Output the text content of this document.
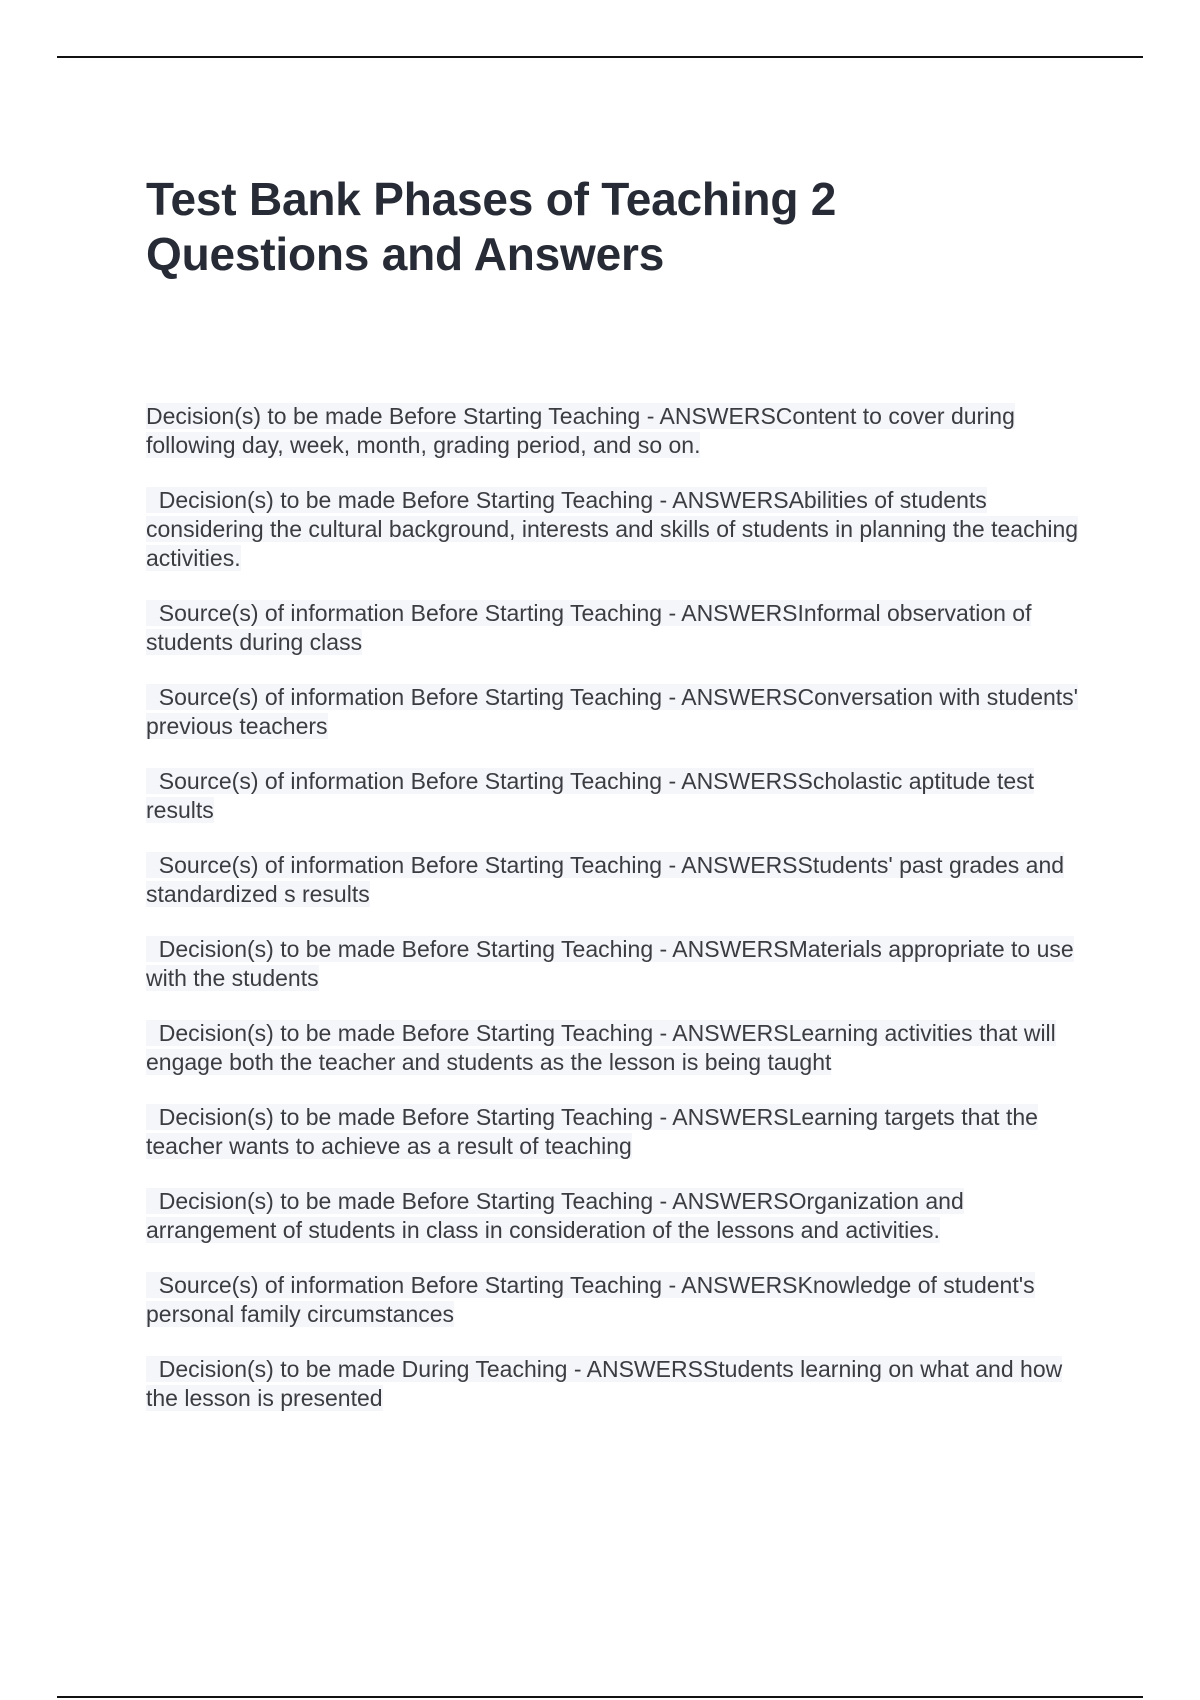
Test Bank Phases of Teaching 2
Questions and Answers

Decision(s) to be made Before Starting Teaching - ANSWERSContent to cover during following day, week, month, grading period, and so on.

Decision(s) to be made Before Starting Teaching - ANSWERSAbilities of students considering the cultural background, interests and skills of students in planning the teaching activities.

Source(s) of information Before Starting Teaching - ANSWERSInformal observation of students during class

Source(s) of information Before Starting Teaching - ANSWERSConversation with students' previous teachers

Source(s) of information Before Starting Teaching - ANSWERSScholastic aptitude test results

Source(s) of information Before Starting Teaching - ANSWERSStudents' past grades and standardized s results

Decision(s) to be made Before Starting Teaching - ANSWERSMaterials appropriate to use with the students

Decision(s) to be made Before Starting Teaching - ANSWERSLearning activities that will engage both the teacher and students as the lesson is being taught

Decision(s) to be made Before Starting Teaching - ANSWERSLearning targets that the teacher wants to achieve as a result of teaching

Decision(s) to be made Before Starting Teaching - ANSWERSOrganization and arrangement of students in class in consideration of the lessons and activities.

Source(s) of information Before Starting Teaching - ANSWERSKnowledge of student's personal family circumstances

Decision(s) to be made During Teaching - ANSWERSStudents learning on what and how the lesson is presented
